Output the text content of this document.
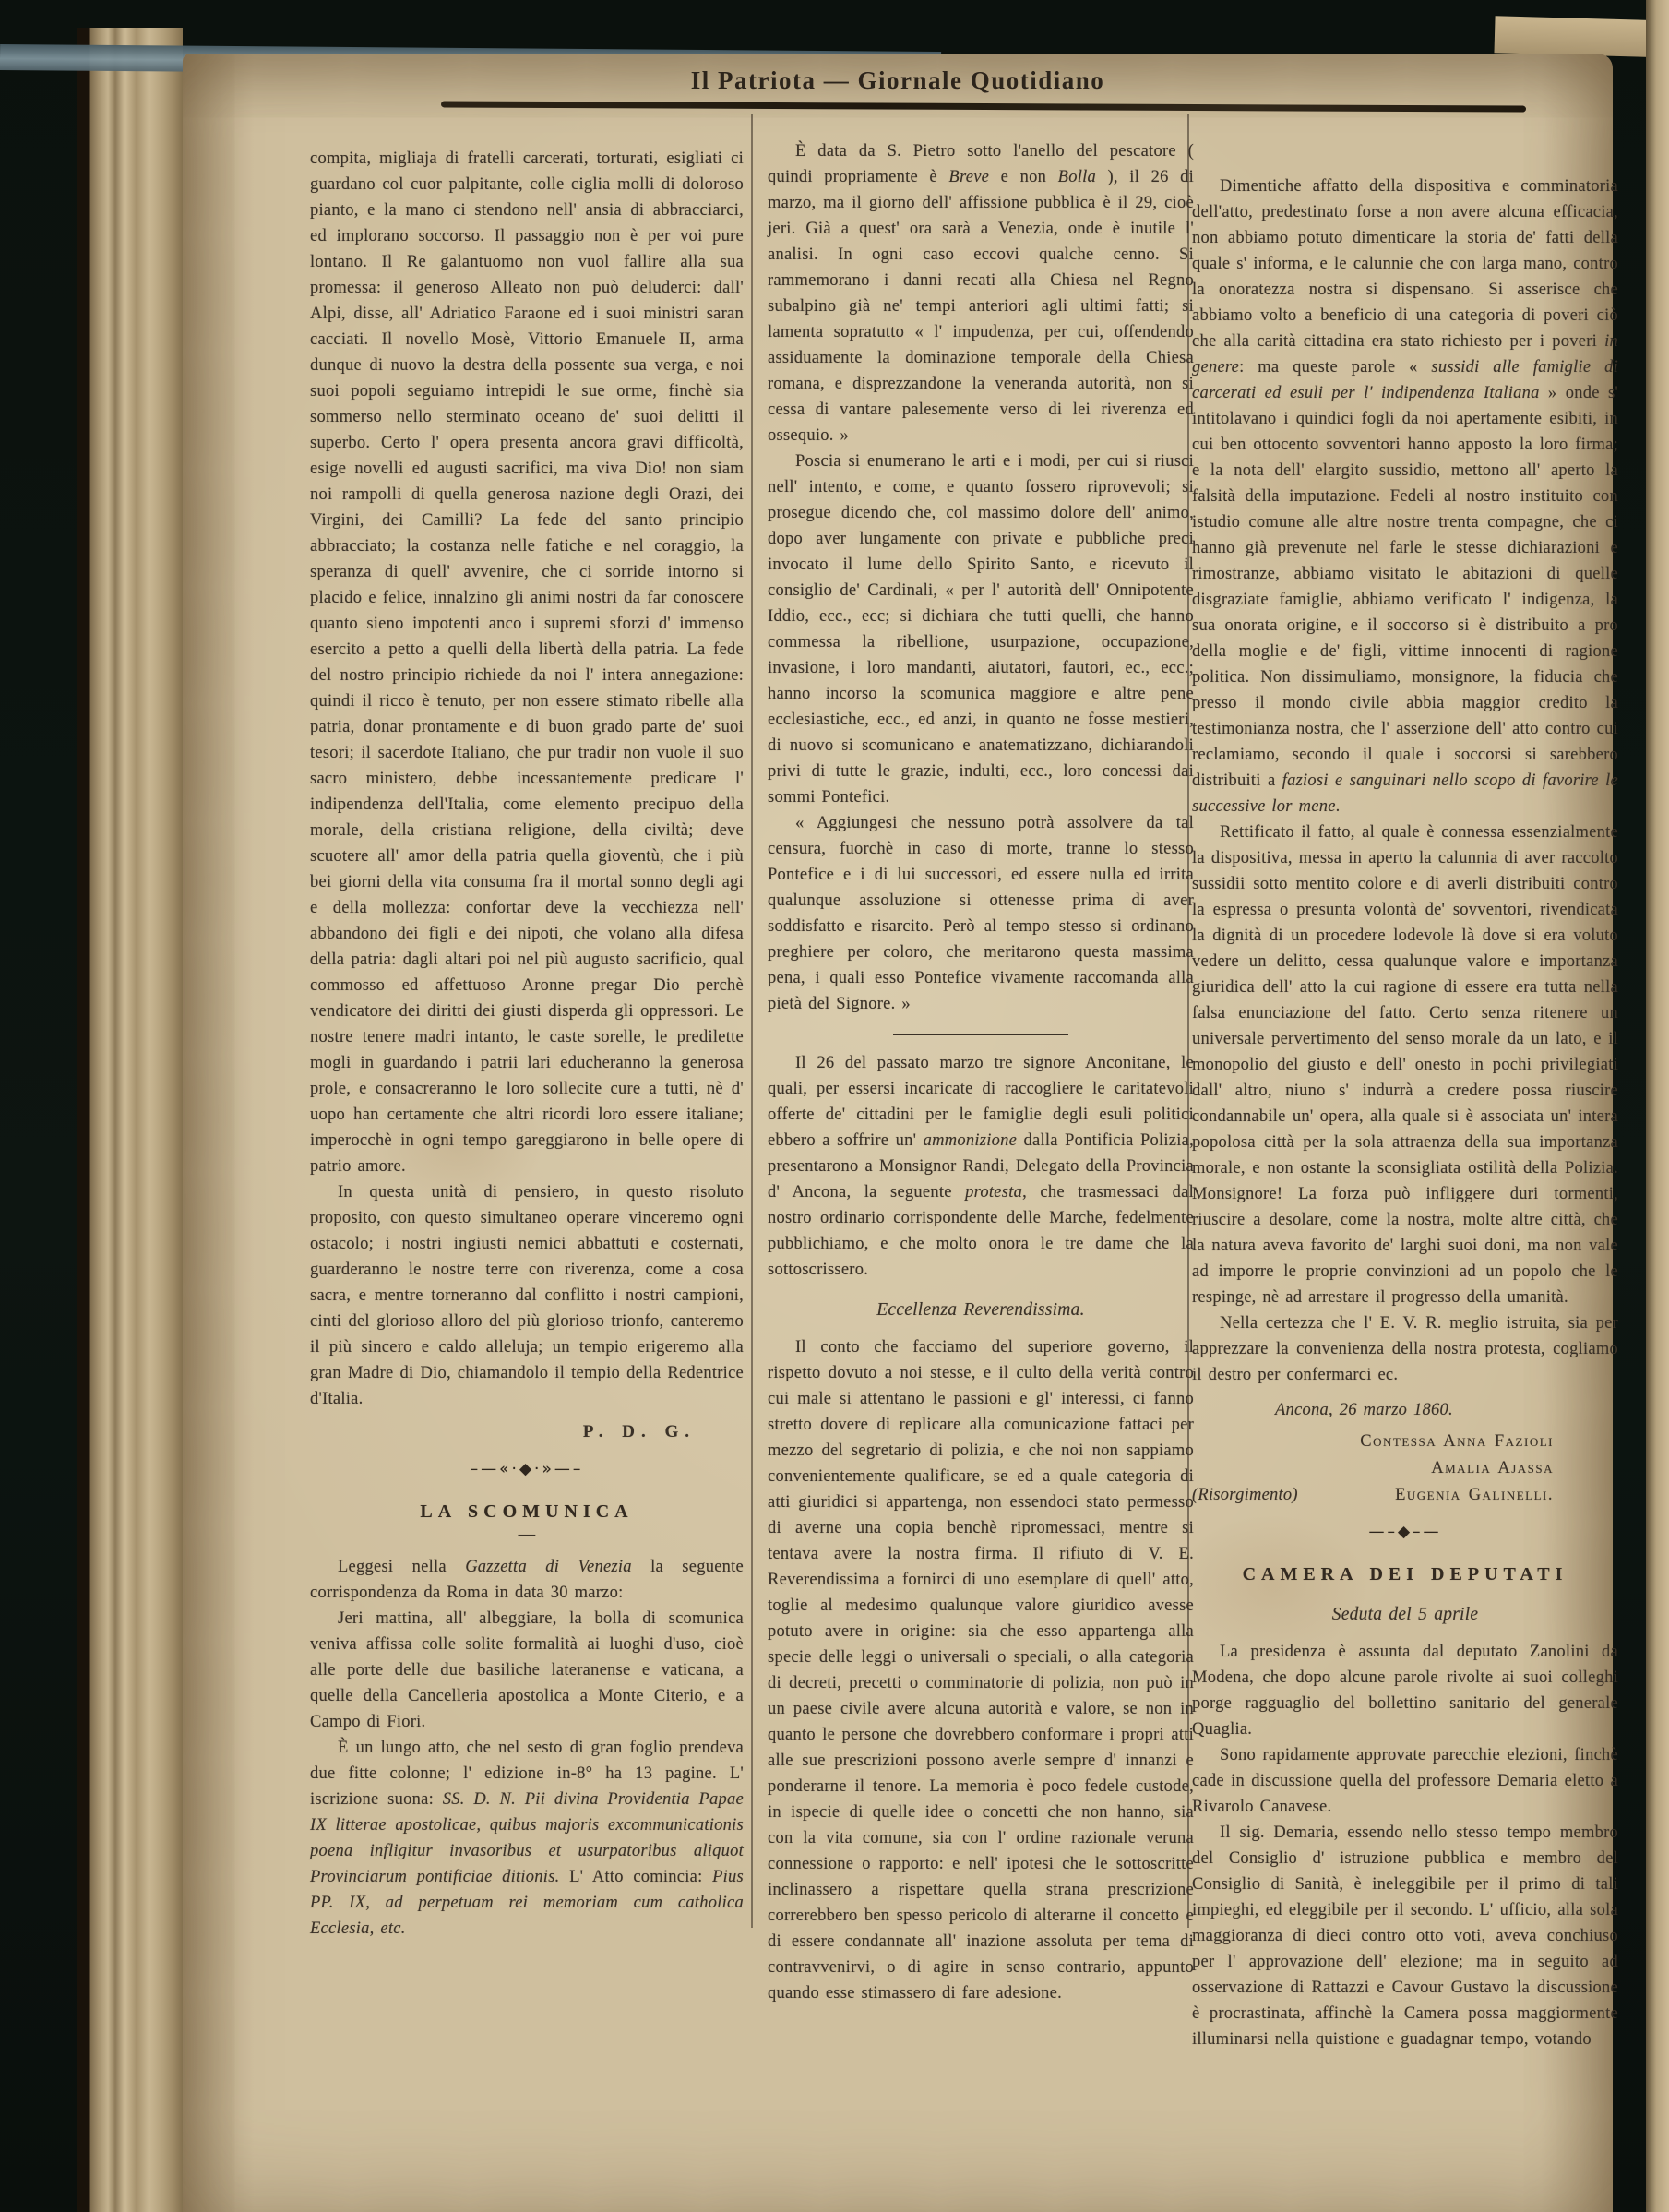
Il Patriota — Giornale Quotidiano

compita, migliaja di fratelli carcerati, torturati, esigliati ci guardano col cuor palpitante, colle ciglia molli di doloroso pianto, e la mano ci stendono nell' ansia di abbracciarci, ed implorano soccorso. Il passaggio non è per voi pure lontano. Il Re galantuomo non vuol fallire alla sua promessa: il generoso Alleato non può deluderci: dall' Alpi, disse, all' Adriatico Faraone ed i suoi ministri saran cacciati. Il novello Mosè, Vittorio Emanuele II, arma dunque di nuovo la destra della possente sua verga, e noi suoi popoli seguiamo intrepidi le sue orme, finchè sia sommerso nello sterminato oceano de' suoi delitti il superbo. Certo l' opera presenta ancora gravi difficoltà, esige novelli ed augusti sacrifici, ma viva Dio! non siam noi rampolli di quella generosa nazione degli Orazi, dei Virgini, dei Camilli? La fede del santo principio abbracciato; la costanza nelle fatiche e nel coraggio, la speranza di quell' avvenire, che ci sorride intorno si placido e felice, innalzino gli animi nostri da far conoscere quanto sieno impotenti anco i supremi sforzi d' immenso esercito a petto a quelli della libertà della patria. La fede del nostro principio richiede da noi l' intera annegazione: quindi il ricco è tenuto, per non essere stimato ribelle alla patria, donar prontamente e di buon grado parte de' suoi tesori; il sacerdote Italiano, che pur tradir non vuole il suo sacro ministero, debbe incessantemente predicare l' indipendenza dell'Italia, come elemento precipuo della morale, della cristiana religione, della civiltà; deve scuotere all' amor della patria quella gioventù, che i più bei giorni della vita consuma fra il mortal sonno degli agi e della mollezza: confortar deve la vecchiezza nell' abbandono dei figli e dei nipoti, che volano alla difesa della patria: dagli altari poi nel più augusto sacrificio, qual commosso ed affettuoso Aronne pregar Dio perchè vendicatore dei diritti dei giusti disperda gli oppressori. Le nostre tenere madri intanto, le caste sorelle, le predilette mogli in guardando i patrii lari educheranno la generosa prole, e consacreranno le loro sollecite cure a tutti, nè d' uopo han certamente che altri ricordi loro essere italiane; imperocchè in ogni tempo gareggiarono in belle opere di patrio amore.

In questa unità di pensiero, in questo risoluto proposito, con questo simultaneo operare vinceremo ogni ostacolo; i nostri ingiusti nemici abbattuti e costernati, guarderanno le nostre terre con riverenza, come a cosa sacra, e mentre torneranno dal conflitto i nostri campioni, cinti del glorioso alloro del più glorioso trionfo, canteremo il più sincero e caldo alleluja; un tempio erigeremo alla gran Madre di Dio, chiamandolo il tempio della Redentrice d'Italia.

P. D. G.
–—«·◆·»—–
LA SCOMUNICA
—

Leggesi nella Gazzetta di Venezia la seguente corrispondenza da Roma in data 30 marzo:

Jeri mattina, all' albeggiare, la bolla di scomunica veniva affissa colle solite formalità ai luoghi d'uso, cioè alle porte delle due basiliche lateranense e vaticana, a quelle della Cancelleria apostolica a Monte Citerio, e a Campo di Fiori.

È un lungo atto, che nel sesto di gran foglio prendeva due fitte colonne; l' edizione in-8° ha 13 pagine. L' iscrizione suona: SS. D. N. Pii divina Providentia Papae IX litterae apostolicae, quibus majoris excommunicationis poena infligitur invasoribus et usurpatoribus aliquot Provinciarum pontificiae ditionis. L' Atto comincia: Pius PP. IX, ad perpetuam rei memoriam cum catholica Ecclesia, etc.

È data da S. Pietro sotto l'anello del pescatore ( quindi propriamente è Breve e non Bolla ), il 26 di marzo, ma il giorno dell' affissione pubblica è il 29, cioè jeri. Già a quest' ora sarà a Venezia, onde è inutile l' analisi. In ogni caso eccovi qualche cenno. Si rammemorano i danni recati alla Chiesa nel Regno subalpino già ne' tempi anteriori agli ultimi fatti; si lamenta sopratutto « l' impudenza, per cui, offendendo assiduamente la dominazione temporale della Chiesa romana, e disprezzandone la veneranda autorità, non si cessa di vantare palesemente verso di lei riverenza ed ossequio. »

Poscia si enumerano le arti e i modi, per cui si riusci nell' intento, e come, e quanto fossero riprovevoli; si prosegue dicendo che, col massimo dolore dell' animo, dopo aver lungamente con private e pubbliche preci invocato il lume dello Spirito Santo, e ricevuto il consiglio de' Cardinali, « per l' autorità dell' Onnipotente Iddio, ecc., ecc; si dichiara che tutti quelli, che hanno commessa la ribellione, usurpazione, occupazione, invasione, i loro mandanti, aiutatori, fautori, ec., ecc.; hanno incorso la scomunica maggiore e altre pene ecclesiastiche, ecc., ed anzi, in quanto ne fosse mestieri, di nuovo si scomunicano e anatematizzano, dichiarandoli privi di tutte le grazie, indulti, ecc., loro concessi dai sommi Pontefici.

« Aggiungesi che nessuno potrà assolvere da tal censura, fuorchè in caso di morte, tranne lo stesso Pontefice e i di lui successori, ed essere nulla ed irrita qualunque assoluzione si ottenesse prima di aver soddisfatto e risarcito. Però al tempo stesso si ordinano preghiere per coloro, che meritarono questa massima pena, i quali esso Pontefice vivamente raccomanda alla pietà del Signore. »

Il 26 del passato marzo tre signore Anconitane, le quali, per essersi incaricate di raccogliere le caritatevoli offerte de' cittadini per le famiglie degli esuli politici ebbero a soffrire un' ammonizione dalla Pontificia Polizia, presentarono a Monsignor Randi, Delegato della Provincia d' Ancona, la seguente protesta, che trasmessaci dal nostro ordinario corrispondente delle Marche, fedelmente pubblichiamo, e che molto onora le tre dame che la sottoscrissero.

Eccellenza Reverendissima.

Il conto che facciamo del superiore governo, il rispetto dovuto a noi stesse, e il culto della verità contro cui male si attentano le passioni e gl' interessi, ci fanno stretto dovere di replicare alla comunicazione fattaci per mezzo del segretario di polizia, e che noi non sappiamo convenientemente qualificare, se ed a quale categoria di atti giuridici si appartenga, non essendoci stato permesso di averne una copia benchè ripromessaci, mentre si tentava avere la nostra firma. Il rifiuto di V. E. Reverendissima a fornirci di uno esemplare di quell' atto, toglie al medesimo qualunque valore giuridico avesse potuto avere in origine: sia che esso appartenga alla specie delle leggi o universali o speciali, o alla categoria di decreti, precetti o comminatorie di polizia, non può in un paese civile avere alcuna autorità e valore, se non in quanto le persone che dovrebbero conformare i propri atti alle sue prescrizioni possono averle sempre d' innanzi e ponderarne il tenore. La memoria è poco fedele custode, in ispecie di quelle idee o concetti che non hanno, sia con la vita comune, sia con l' ordine razionale veruna connessione o rapporto: e nell' ipotesi che le sottoscritte inclinassero a rispettare quella strana prescrizione correrebbero ben spesso pericolo di alterarne il concetto e di essere condannate all' inazione assoluta per tema di contravvenirvi, o di agire in senso contrario, appunto quando esse stimassero di fare adesione.

Dimentiche affatto della dispositiva e comminatoria dell'atto, predestinato forse a non avere alcuna efficacia, non abbiamo potuto dimenticare la storia de' fatti della quale s' informa, e le calunnie che con larga mano, contro la onoratezza nostra si dispensano. Si asserisce che abbiamo volto a beneficio di una categoria di poveri ciò che alla carità cittadina era stato richiesto per i poveri in genere: ma queste parole « sussidi alle famiglie di carcerati ed esuli per l' indipendenza Italiana » onde s' intitolavano i quindici fogli da noi apertamente esibiti, in cui ben ottocento sovventori hanno apposto la loro firma; e la nota dell' elargito sussidio, mettono all' aperto la falsità della imputazione. Fedeli al nostro instituito con istudio comune alle altre nostre trenta compagne, che ci hanno già prevenute nel farle le stesse dichiarazioni e rimostranze, abbiamo visitato le abitazioni di quelle disgraziate famiglie, abbiamo verificato l' indigenza, la sua onorata origine, e il soccorso si è distribuito a pro della moglie e de' figli, vittime innocenti di ragione politica. Non dissimuliamo, monsignore, la fiducia che presso il mondo civile abbia maggior credito la testimonianza nostra, che l' asserzione dell' atto contro cui reclamiamo, secondo il quale i soccorsi si sarebbero distribuiti a faziosi e sanguinari nello scopo di favorire le successive lor mene.

Rettificato il fatto, al quale è connessa essenzialmente la dispositiva, messa in aperto la calunnia di aver raccolto sussidii sotto mentito colore e di averli distribuiti contro la espressa o presunta volontà de' sovventori, rivendicata la dignità di un procedere lodevole là dove si era voluto vedere un delitto, cessa qualunque valore e importanza giuridica dell' atto la cui ragione di essere era tutta nella falsa enunciazione del fatto. Certo senza ritenere un universale pervertimento del senso morale da un lato, e il monopolio del giusto e dell' onesto in pochi privilegiati dall' altro, niuno s' indurrà a credere possa riuscire condannabile un' opera, alla quale si è associata un' intera popolosa città per la sola attraenza della sua importanza morale, e non ostante la sconsigliata ostilità della Polizia. Monsignore! La forza può infliggere duri tormenti, riuscire a desolare, come la nostra, molte altre città, che la natura aveva favorito de' larghi suoi doni, ma non vale ad imporre le proprie convinzioni ad un popolo che le respinge, nè ad arrestare il progresso della umanità.

Nella certezza che l' E. V. R. meglio istruita, sia per apprezzare la convenienza della nostra protesta, cogliamo il destro per confermarci ec.

Ancona, 26 marzo 1860.
Contessa Anna Fazioli
Amalia Ajassa
(Risorgimento)	Eugenia Galinelli.
—–◆–—
CAMERA DEI DEPUTATI
Seduta del 5 aprile

La presidenza è assunta dal deputato Zanolini da Modena, che dopo alcune parole rivolte ai suoi colleghi porge ragguaglio del bollettino sanitario del generale Quaglia.

Sono rapidamente approvate parecchie elezioni, finchè cade in discussione quella del professore Demaria eletto a Rivarolo Canavese.

Il sig. Demaria, essendo nello stesso tempo membro del Consiglio d' istruzione pubblica e membro del Consiglio di Sanità, è ineleggibile per il primo di tali impieghi, ed eleggibile per il secondo. L' ufficio, alla sola maggioranza di dieci contro otto voti, aveva conchiuso per l' approvazione dell' elezione; ma in seguito ad osservazione di Rattazzi e Cavour Gustavo la discussione è procrastinata, affinchè la Camera possa maggiormente illuminarsi nella quistione e guadagnar tempo, votando
